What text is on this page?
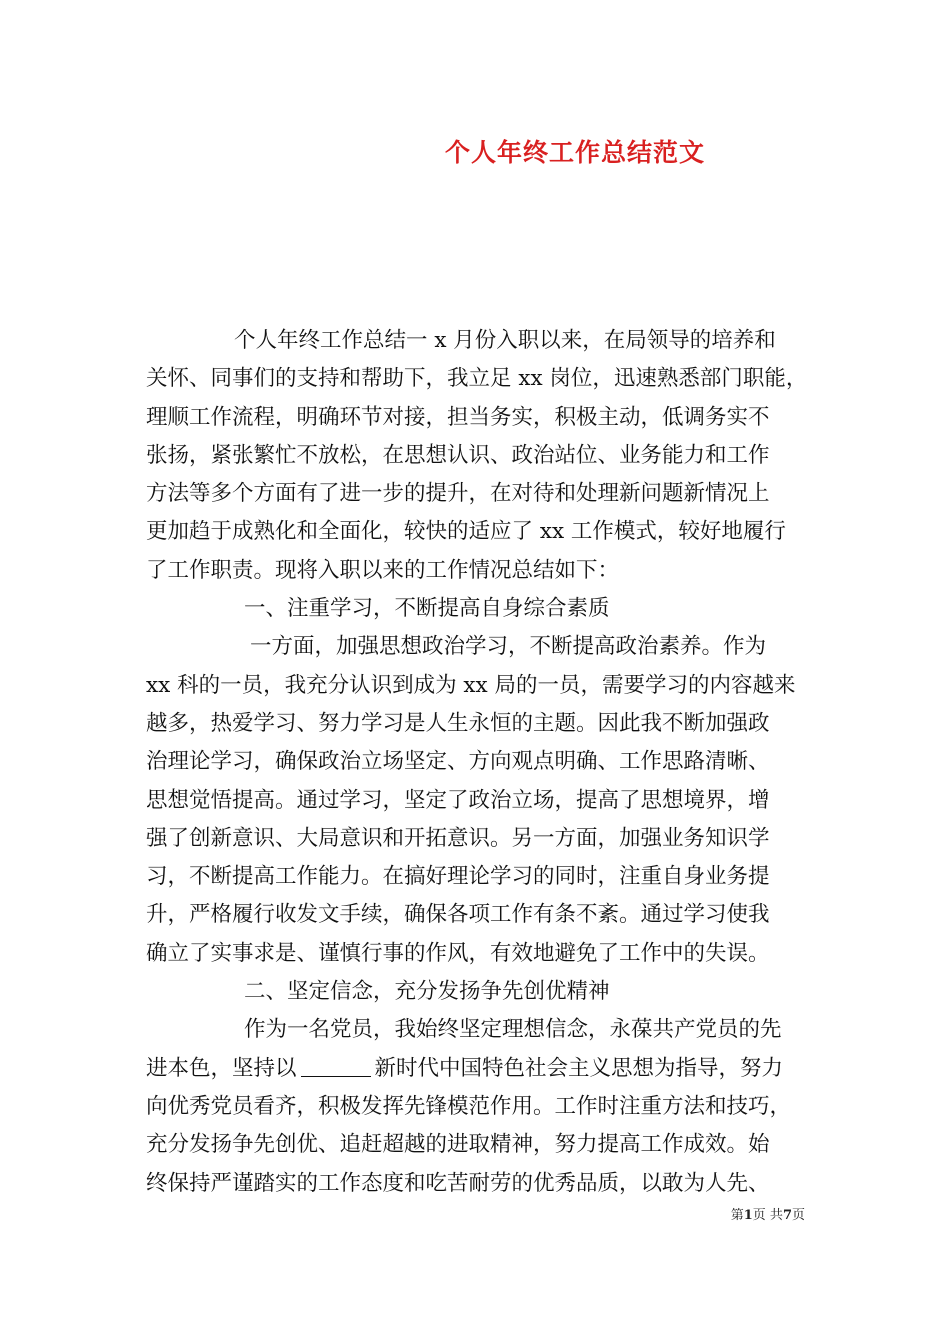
个人年终工作总结范文
个人年终工作总结一 x 月份入职以来，在局领导的培养和
关怀、同事们的支持和帮助下，我立足 xx 岗位，迅速熟悉部门职能，
理顺工作流程，明确环节对接，担当务实，积极主动，低调务实不
张扬，紧张繁忙不放松，在思想认识、政治站位、业务能力和工作
方法等多个方面有了进一步的提升，在对待和处理新问题新情况上
更加趋于成熟化和全面化，较快的适应了 xx 工作模式，较好地履行
了工作职责。现将入职以来的工作情况总结如下：
一、注重学习，不断提高自身综合素质
一方面，加强思想政治学习，不断提高政治素养。作为
xx 科的一员，我充分认识到成为 xx 局的一员，需要学习的内容越来
越多，热爱学习、努力学习是人生永恒的主题。因此我不断加强政
治理论学习，确保政治立场坚定、方向观点明确、工作思路清晰、
思想觉悟提高。通过学习，坚定了政治立场，提高了思想境界，增
强了创新意识、大局意识和开拓意识。另一方面，加强业务知识学
习，不断提高工作能力。在搞好理论学习的同时，注重自身业务提
升，严格履行收发文手续，确保各项工作有条不紊。通过学习使我
确立了实事求是、谨慎行事的作风，有效地避免了工作中的失误。
二、坚定信念，充分发扬争先创优精神
作为一名党员，我始终坚定理想信念，永葆共产党员的先
进本色，坚持以	新时代中国特色社会主义思想为指导，努力
向优秀党员看齐，积极发挥先锋模范作用。工作时注重方法和技巧，
充分发扬争先创优、追赶超越的进取精神，努力提高工作成效。始
终保持严谨踏实的工作态度和吃苦耐劳的优秀品质，以敢为人先、
第1页 共7页
